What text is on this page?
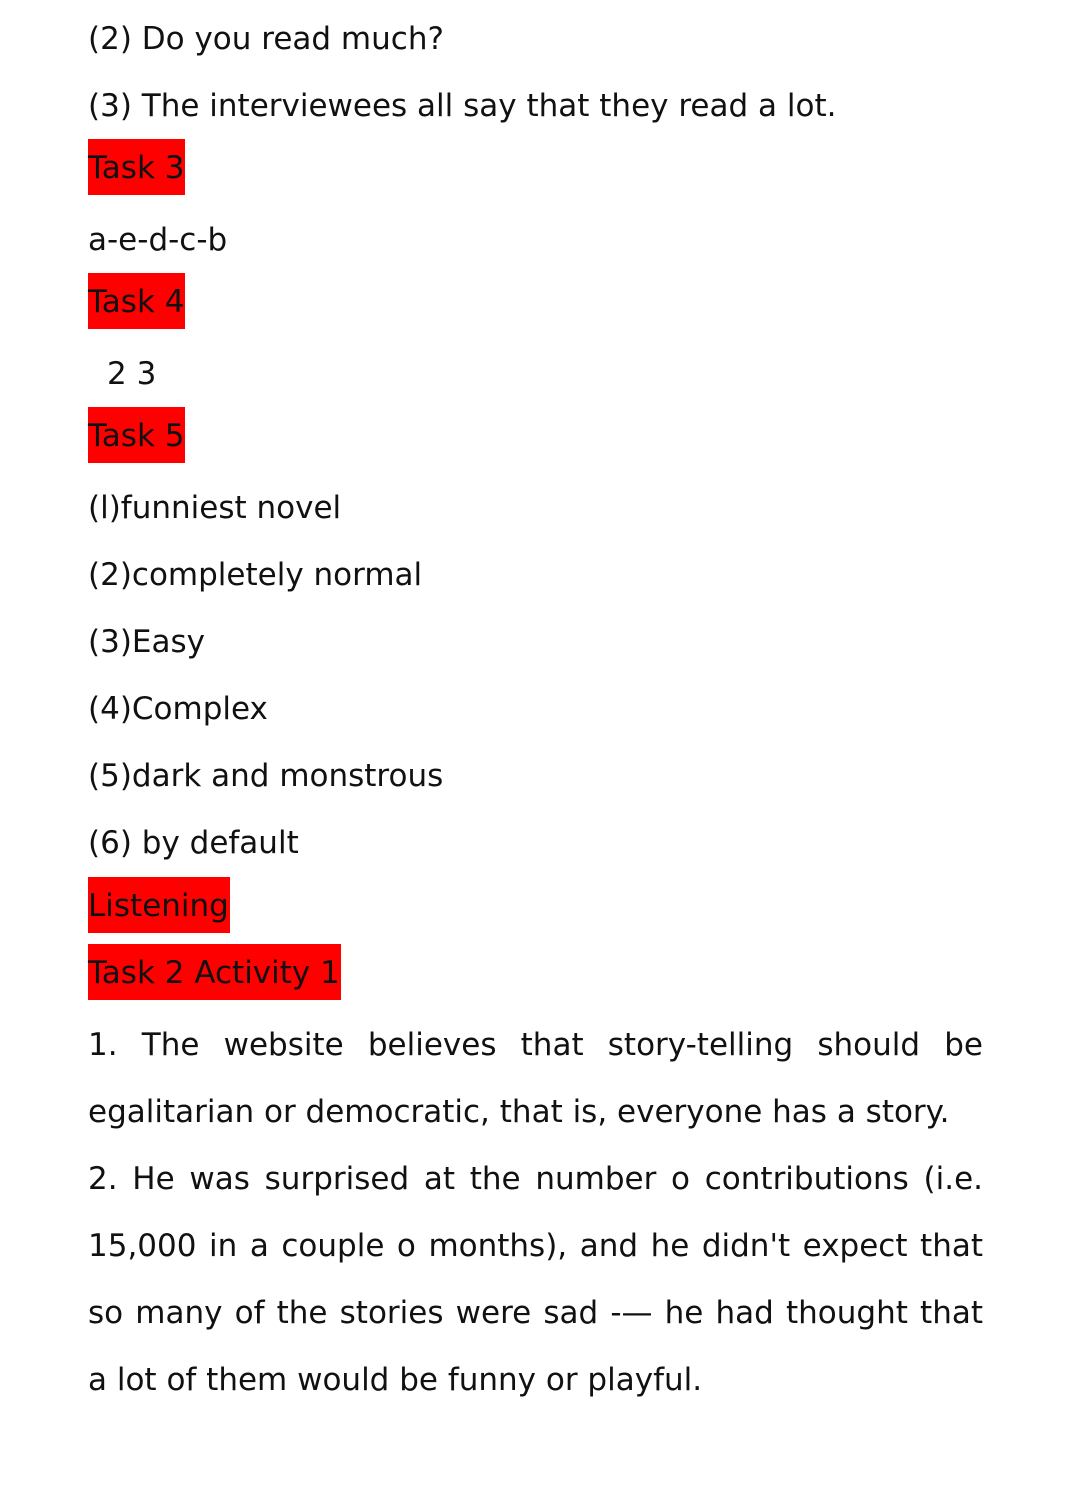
(2) Do you read much?
(3) The interviewees all say that they read a lot.
Task 3
a-e-d-c-b
Task 4
2 3
Task 5
(l)funniest novel
(2)completely normal
(3)Easy
(4)Complex
(5)dark and monstrous
(6) by default
Listening
Task 2 Activity 1
1. The website believes that story-telling should be
egalitarian or democratic, that is, everyone has a story.
2. He was surprised at the number o contributions (i.e.
15,000 in a couple o months), and he didn't expect that
so many of the stories were sad -— he had thought that
a lot of them would be funny or playful.
